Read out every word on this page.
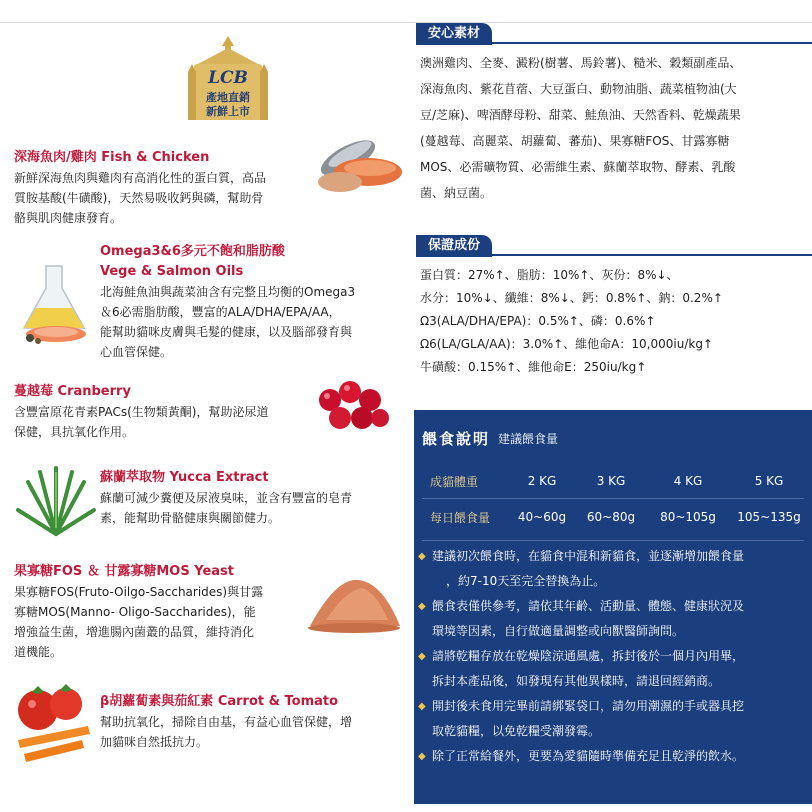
LCB
產地直銷
新鮮上市
深海魚肉/雞肉 Fish & Chicken
新鮮深海魚肉與雞肉有高消化性的蛋白質，高品
質胺基酸(牛磺酸)，天然易吸收鈣與磷，幫助骨
骼與肌肉健康發育。
Omega3&6多元不飽和脂肪酸
Vege & Salmon Oils
北海鮭魚油與蔬菜油含有完整且均衡的Omega3
＆6必需脂肪酸，豐富的ALA/DHA/EPA/AA，
能幫助貓咪皮膚與毛髮的健康，以及腦部發育與
心血管保健。
蔓越莓 Cranberry
含豐富原花青素PACs(生物類黃酮)，幫助泌尿道
保健，具抗氧化作用。
蘇蘭萃取物 Yucca Extract
蘇蘭可減少糞便及尿液臭味，並含有豐富的皂青
素，能幫助骨骼健康與關節健力。
果寡糖FOS ＆ 甘露寡糖MOS Yeast
果寡糖FOS(Fruto-Oilgo-Saccharides)與甘露
寡糖MOS(Manno- Oligo-Saccharides)，能
增強益生菌，增進腸內菌叢的品質，維持消化
道機能。
β胡蘿蔔素與茄紅素 Carrot & Tomato
幫助抗氧化，掃除自由基，有益心血管保健，增
加貓咪自然抵抗力。
安心素材
澳洲雞肉、全麥、澱粉(樹薯、馬鈴薯)、糙米、穀類副產品、
深海魚肉、紫花苜蓿、大豆蛋白、動物油脂、蔬菜植物油(大
豆/芝麻)、啤酒酵母粉、甜菜、鮭魚油、天然香料、乾燥蔬果
(蔓越莓、高麗菜、胡蘿蔔、蕃茄)、果寡糖FOS、甘露寡糖
MOS、必需礦物質、必需維生素、蘇蘭萃取物、酵素、乳酸
菌、納豆菌。
保證成份
蛋白質：27%↑、脂肪：10%↑、灰份：8%↓、
水分：10%↓、纖維：8%↓、鈣：0.8%↑、鈉：0.2%↑
Ω3(ALA/DHA/EPA)：0.5%↑、磷：0.6%↑
Ω6(LA/GLA/AA)：3.0%↑、維他命A：10,000iu/kg↑
牛磺酸：0.15%↑、維他命E：250iu/kg↑
餵食說明 建議餵食量
成貓體重	2 KG	3 KG	4 KG	5 KG
每日餵食量	40~60g	60~80g	80~105g	105~135g
◆ 建議初次餵食時，在貓食中混和新貓食，並逐漸增加餵食量
，約7-10天至完全替換為止。
◆ 餵食表僅供參考，請依其年齡、活動量、體態、健康狀況及
環境等因素，自行做適量調整或向獸醫師詢問。
◆ 請將乾糧存放在乾燥陰涼通風處，拆封後於一個月內用畢，
拆封本產品後，如發現有其他異樣時，請退回經銷商。
◆ 開封後未食用完畢前請綁緊袋口，請勿用潮濕的手或器具挖
取乾貓糧，以免乾糧受潮發霉。
◆ 除了正常給餐外，更要為愛貓隨時準備充足且乾淨的飲水。
